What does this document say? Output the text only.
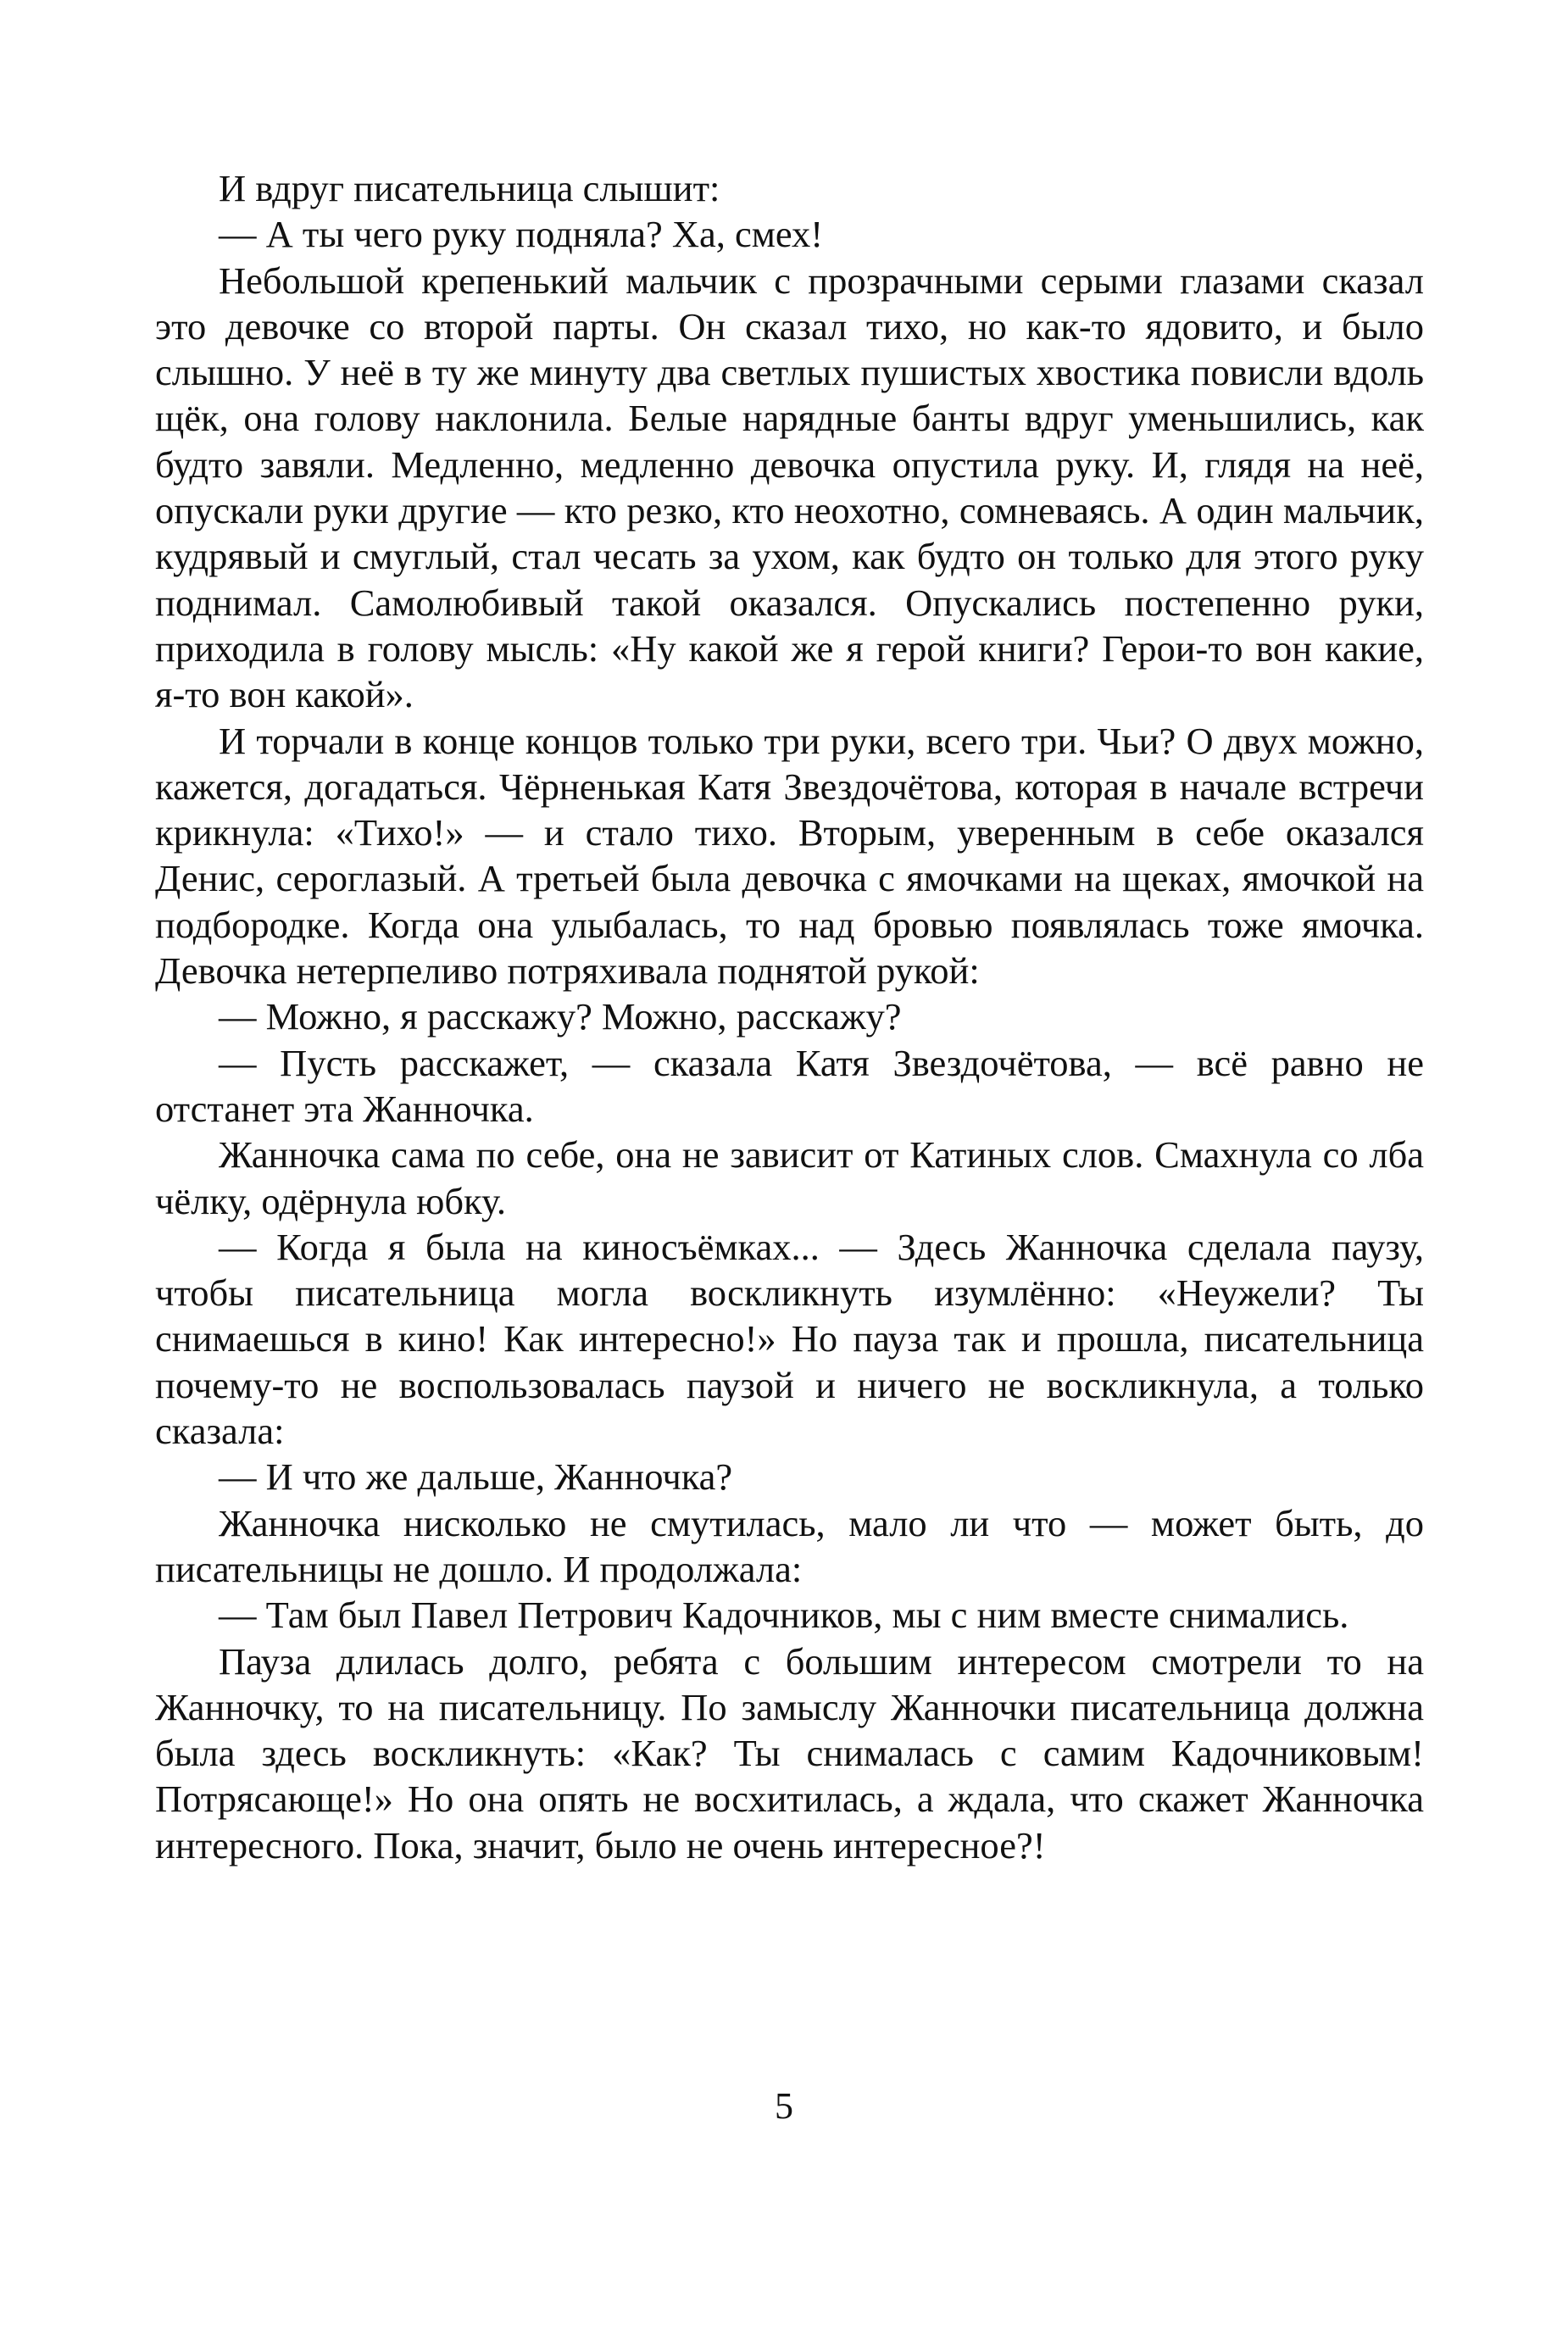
И вдруг писательница слышит:

— А ты чего руку подняла? Ха, смех!

Небольшой крепенький мальчик с прозрачными серыми глазами сказал это девочке со второй парты. Он сказал тихо, но как-то ядовито, и было слышно. У неё в ту же минуту два светлых пушистых хвостика повисли вдоль щёк, она голову наклонила. Белые нарядные банты вдруг уменьшились, как будто завяли. Медленно, медленно девочка опустила руку. И, глядя на неё, опускали руки другие — кто резко, кто неохотно, сомневаясь. А один мальчик, кудрявый и смуглый, стал чесать за ухом, как будто он только для этого руку поднимал. Самолюбивый такой оказался. Опускались постепенно руки, приходила в голову мысль: «Ну какой же я герой книги? Герои-то вон какие, я-то вон какой».

И торчали в конце концов только три руки, всего три. Чьи? О двух можно, кажется, догадаться. Чёрненькая Катя Звездочётова, которая в начале встречи крикнула: «Тихо!» — и стало тихо. Вторым, уверенным в себе оказался Денис, сероглазый. А третьей была девочка с ямочками на щеках, ямочкой на подбородке. Когда она улыбалась, то над бровью появлялась тоже ямочка. Девочка нетерпеливо потряхивала поднятой рукой:

— Можно, я расскажу? Можно, расскажу?

— Пусть расскажет, — сказала Катя Звездочётова, — всё равно не отстанет эта Жанночка.

Жанночка сама по себе, она не зависит от Катиных слов. Смахнула со лба чёлку, одёрнула юбку.

— Когда я была на киносъёмках... — Здесь Жанночка сделала паузу, чтобы писательница могла воскликнуть изумлённо: «Неужели? Ты снимаешься в кино! Как интересно!» Но пауза так и прошла, писательница почему-то не воспользовалась паузой и ничего не воскликнула, а только сказала:

— И что же дальше, Жанночка?

Жанночка нисколько не смутилась, мало ли что — может быть, до писательницы не дошло. И продолжала:

— Там был Павел Петрович Кадочников, мы с ним вместе снимались.

Пауза длилась долго, ребята с большим интересом смотрели то на Жанночку, то на писательницу. По замыслу Жанночки писательница должна была здесь воскликнуть: «Как? Ты снималась с самим Кадочниковым! Потрясающе!» Но она опять не восхитилась, а ждала, что скажет Жанночка интересного. Пока, значит, было не очень интересное?!

5
